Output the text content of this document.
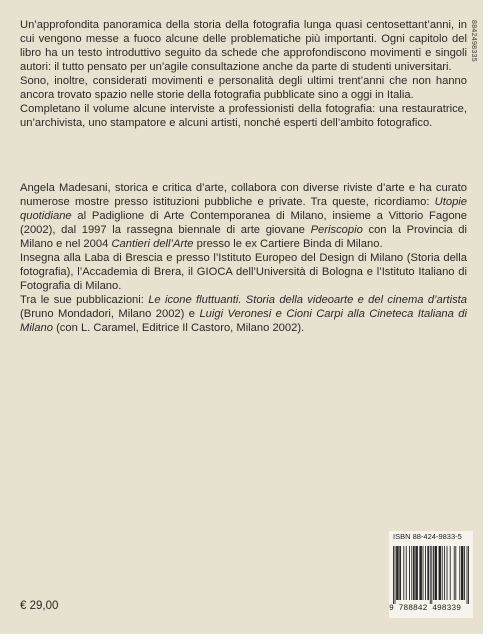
Un’approfondita panoramica della storia della fotografia lunga quasi centosettant’anni, in cui vengono messe a fuoco alcune delle problematiche più importanti. Ogni capitolo del libro ha un testo introduttivo seguito da schede che approfondiscono movimenti e singoli autori: il tutto pensato per un’agile consultazione anche da parte di studenti universitari.

Sono, inoltre, considerati movimenti e personalità degli ultimi trent’anni che non hanno ancora trovato spazio nelle storie della fotografia pubblicate sino a oggi in Italia.

Completano il volume alcune interviste a professionisti della fotografia: una restauratrice, un’archivista, uno stampatore e alcuni artisti, nonché esperti dell’ambito fotografico.

Angela Madesani, storica e critica d’arte, collabora con diverse riviste d’arte e ha curato numerose mostre presso istituzioni pubbliche e private. Tra queste, ricordiamo: Utopie quotidiane al Padiglione di Arte Contemporanea di Milano, insieme a Vittorio Fagone (2002), dal 1997 la rassegna biennale di arte giovane Periscopio con la Provincia di Milano e nel 2004 Cantieri dell’Arte presso le ex Cartiere Binda di Milano.

Insegna alla Laba di Brescia e presso l’Istituto Europeo del Design di Milano (Storia della fotografia), l’Accademia di Brera, il GIOCA dell’Università di Bologna e l’Istituto Italiano di Fotografia di Milano.

Tra le sue pubblicazioni: Le icone fluttuanti. Storia della videoarte e del cinema d’artista (Bruno Mondadori, Milano 2002) e Luigi Veronesi e Cioni Carpi alla Cineteca Italiana di Milano (con L. Caramel, Editrice Il Castoro, Milano 2002).

8842498335
ISBN 88-424-9833-5
9 788842 498339
€ 29,00
